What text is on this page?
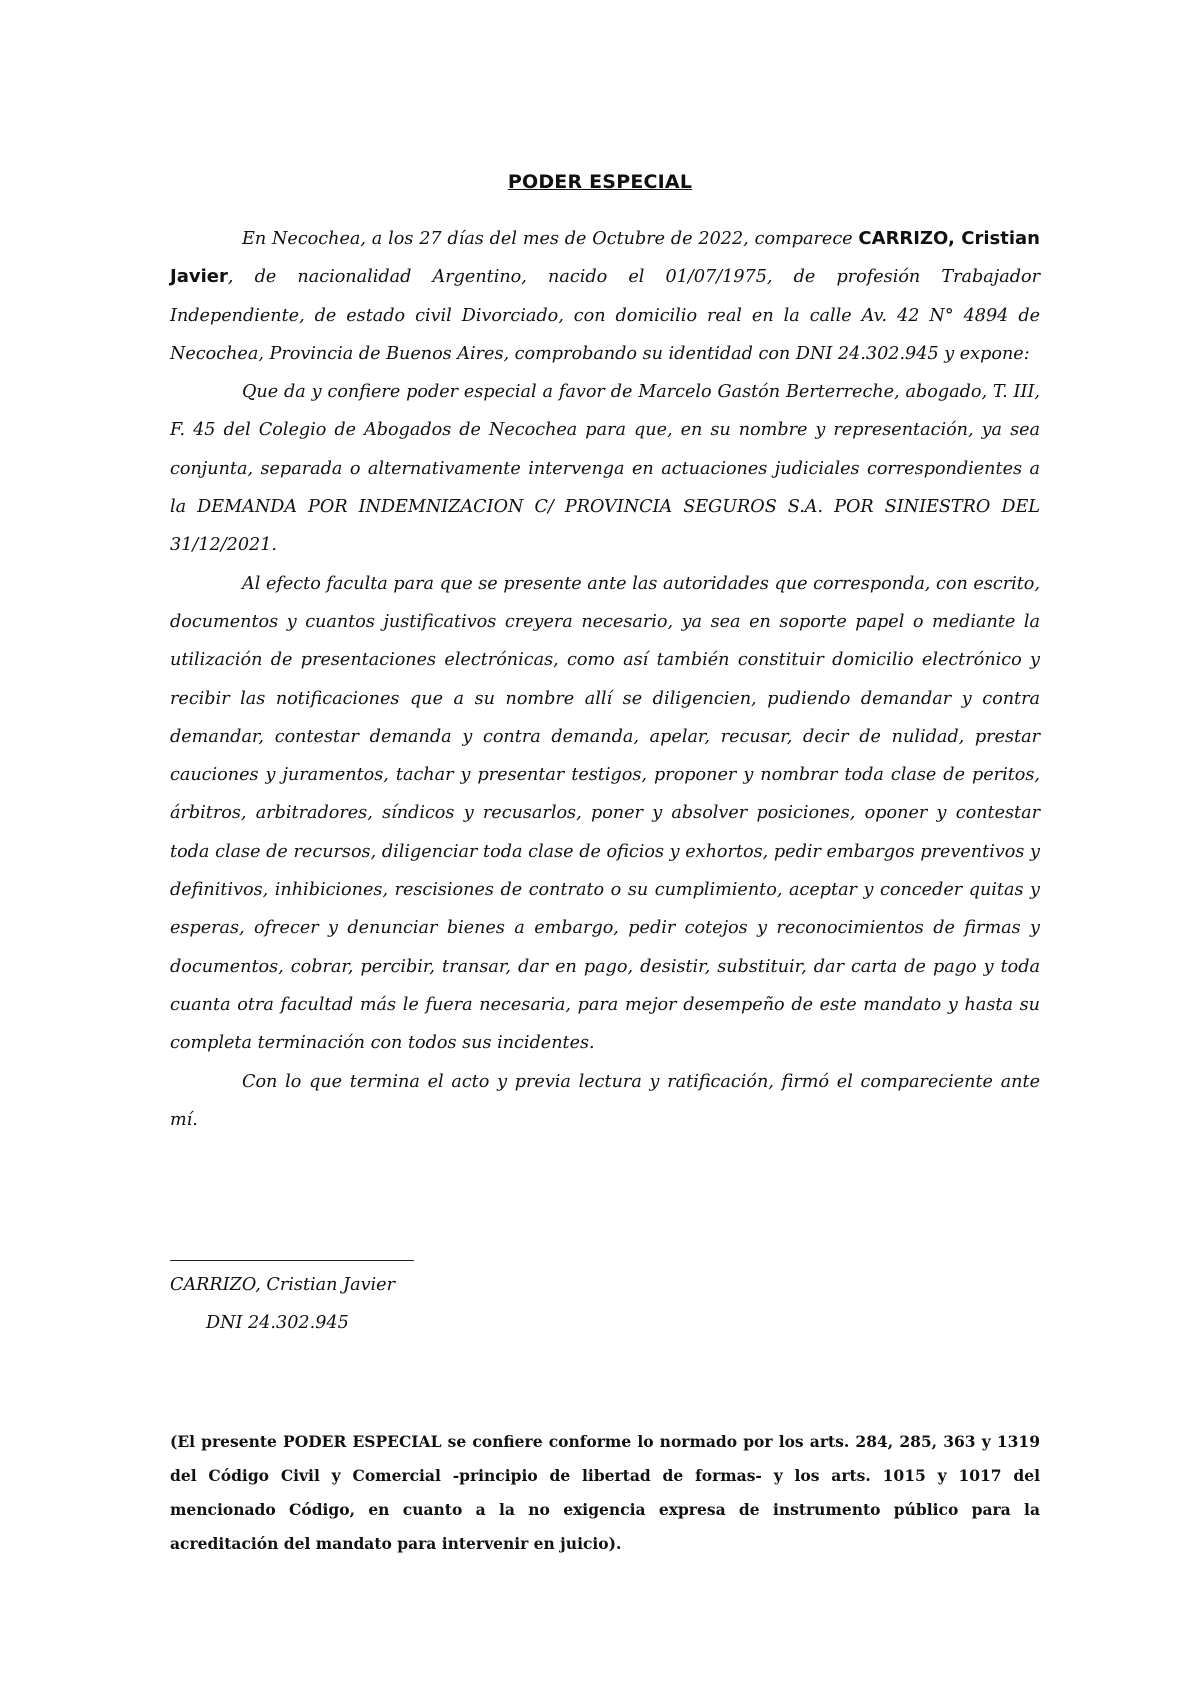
PODER ESPECIAL

En Necochea, a los 27 días del mes de Octubre de 2022, comparece CARRIZO, Cristian Javier, de nacionalidad Argentino, nacido el 01/07/1975, de profesión Trabajador Independiente, de estado civil Divorciado, con domicilio real en la calle Av. 42 N° 4894 de Necochea, Provincia de Buenos Aires, comprobando su identidad con DNI 24.302.945 y expone:

Que da y confiere poder especial a favor de Marcelo Gastón Berterreche, abogado, T. III, F. 45 del Colegio de Abogados de Necochea para que, en su nombre y representación, ya sea conjunta, separada o alternativamente intervenga en actuaciones judiciales correspondientes a la DEMANDA POR INDEMNIZACION C/ PROVINCIA SEGUROS S.A. POR SINIESTRO DEL 31/12/2021.

Al efecto faculta para que se presente ante las autoridades que corresponda, con escrito, documentos y cuantos justificativos creyera necesario, ya sea en soporte papel o mediante la utilización de presentaciones electrónicas, como así también constituir domicilio electrónico y recibir las notificaciones que a su nombre allí se diligencien, pudiendo demandar y contra demandar, contestar demanda y contra demanda, apelar, recusar, decir de nulidad, prestar cauciones y juramentos, tachar y presentar testigos, proponer y nombrar toda clase de peritos, árbitros, arbitradores, síndicos y recusarlos, poner y absolver posiciones, oponer y contestar toda clase de recursos, diligenciar toda clase de oficios y exhortos, pedir embargos preventivos y definitivos, inhibiciones, rescisiones de contrato o su cumplimiento, aceptar y conceder quitas y esperas, ofrecer y denunciar bienes a embargo, pedir cotejos y reconocimientos de firmas y documentos, cobrar, percibir, transar, dar en pago, desistir, substituir, dar carta de pago y toda cuanta otra facultad más le fuera necesaria, para mejor desempeño de este mandato y hasta su completa terminación con todos sus incidentes.

Con lo que termina el acto y previa lectura y ratificación, firmó el compareciente ante mí.

CARRIZO, Cristian Javier
DNI 24.302.945
(El presente PODER ESPECIAL se confiere conforme lo normado por los arts. 284, 285, 363 y 1319 del Código Civil y Comercial -principio de libertad de formas- y los arts. 1015 y 1017 del mencionado Código, en cuanto a la no exigencia expresa de instrumento público para la acreditación del mandato para intervenir en juicio).
